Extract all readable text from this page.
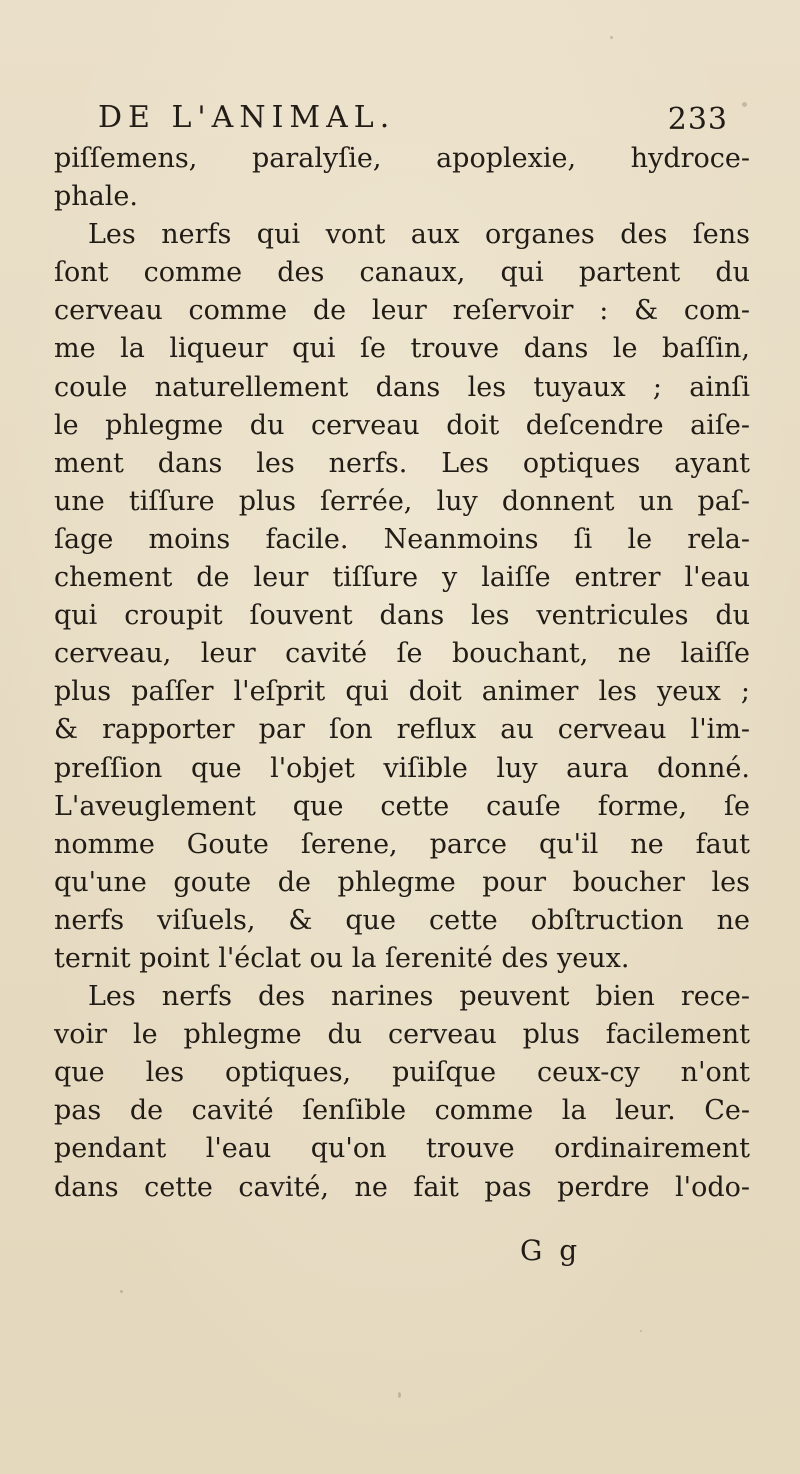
DE L'ANIMAL.	233
piſſemens, paralyſie, apoplexie, hydroce-
phale.
Les nerfs qui vont aux organes des ſens
ſont comme des canaux, qui partent du
cerveau comme de leur reſervoir : & com-
me la liqueur qui ſe trouve dans le baſſin,
coule naturellement dans les tuyaux ; ainſi
le phlegme du cerveau doit deſcendre aiſe-
ment dans les nerfs. Les optiques ayant
une tiſſure plus ſerrée, luy donnent un paſ-
ſage moins facile. Neanmoins ſi le rela-
chement de leur tiſſure y laiſſe entrer l'eau
qui croupit ſouvent dans les ventricules du
cerveau, leur cavité ſe bouchant, ne laiſſe
plus paſſer l'eſprit qui doit animer les yeux ;
& rapporter par ſon reflux au cerveau l'im-
preſſion que l'objet viſible luy aura donné.
L'aveuglement que cette cauſe forme, ſe
nomme Goute ſerene, parce qu'il ne faut
qu'une goute de phlegme pour boucher les
nerfs viſuels, & que cette obſtruction ne
ternit point l'éclat ou la ſerenité des yeux.
Les nerfs des narines peuvent bien rece-
voir le phlegme du cerveau plus facilement
que les optiques, puiſque ceux-cy n'ont
pas de cavité ſenſible comme la leur. Ce-
pendant l'eau qu'on trouve ordinairement
dans cette cavité, ne fait pas perdre l'odo-
G g
